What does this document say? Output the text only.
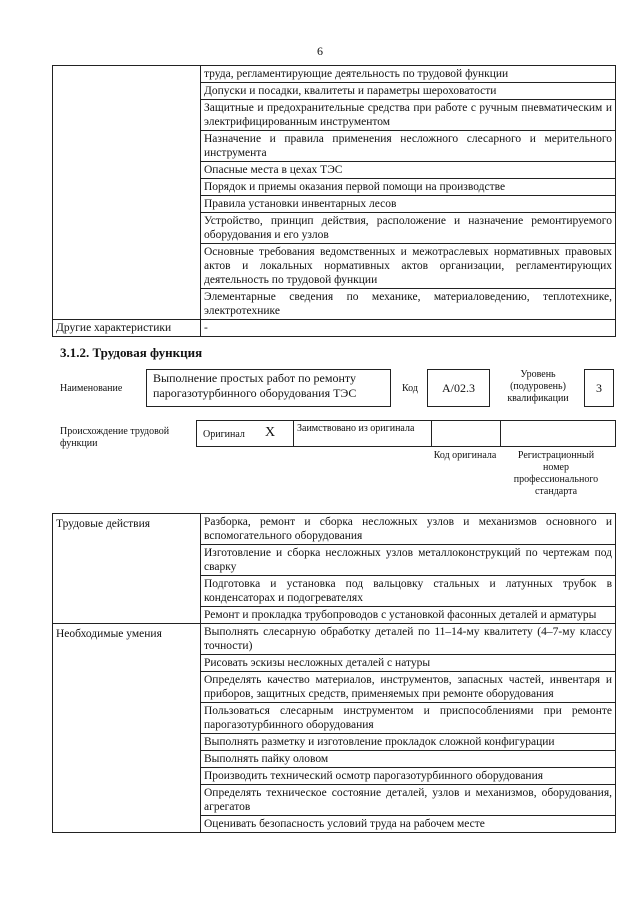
6
	труда, регламентирующие деятельность по трудовой функции
	Допуски и посадки, квалитеты и параметры шероховатости
	Защитные и предохранительные средства при работе с ручным пневматическим и электрифицированным инструментом
	Назначение и правила применения несложного слесарного и мерительного инструмента
	Опасные места в цехах ТЭС
	Порядок и приемы оказания первой помощи на производстве
	Правила установки инвентарных лесов
	Устройство, принцип действия, расположение и назначение ремонтируемого оборудования и его узлов
	Основные требования ведомственных и межотраслевых нормативных правовых актов и локальных нормативных актов организации, регламентирующих деятельность по трудовой функции
	Элементарные сведения по механике, материаловедению, теплотехнике, электротехнике
Другие характеристики	-
3.1.2. Трудовая функция
Наименование
Выполнение простых работ по ремонту парогазотурбинного оборудования ТЭС	Код	A/02.3
Уровень (подуровень) квалификации
3
Происхождение трудовой функции
Оригинал X Заимствовано из оригинала
Код оригинала	Регистрационный номер профессионального стандарта
Трудовые действия	Разборка, ремонт и сборка несложных узлов и механизмов основного и вспомогательного оборудования
	Изготовление и сборка несложных узлов металлоконструкций по чертежам под сварку
	Подготовка и установка под вальцовку стальных и латунных трубок в конденсаторах и подогревателях
	Ремонт и прокладка трубопроводов с установкой фасонных деталей и арматуры
Необходимые умения	Выполнять слесарную обработку деталей по 11–14-му квалитету (4–7-му классу точности)
	Рисовать эскизы несложных деталей с натуры
	Определять качество материалов, инструментов, запасных частей, инвентаря и приборов, защитных средств, применяемых при ремонте оборудования
	Пользоваться слесарным инструментом и приспособлениями при ремонте парогазотурбинного оборудования
	Выполнять разметку и изготовление прокладок сложной конфигурации
	Выполнять пайку оловом
	Производить технический осмотр парогазотурбинного оборудования
	Определять техническое состояние деталей, узлов и механизмов, оборудования, агрегатов
	Оценивать безопасность условий труда на рабочем месте
